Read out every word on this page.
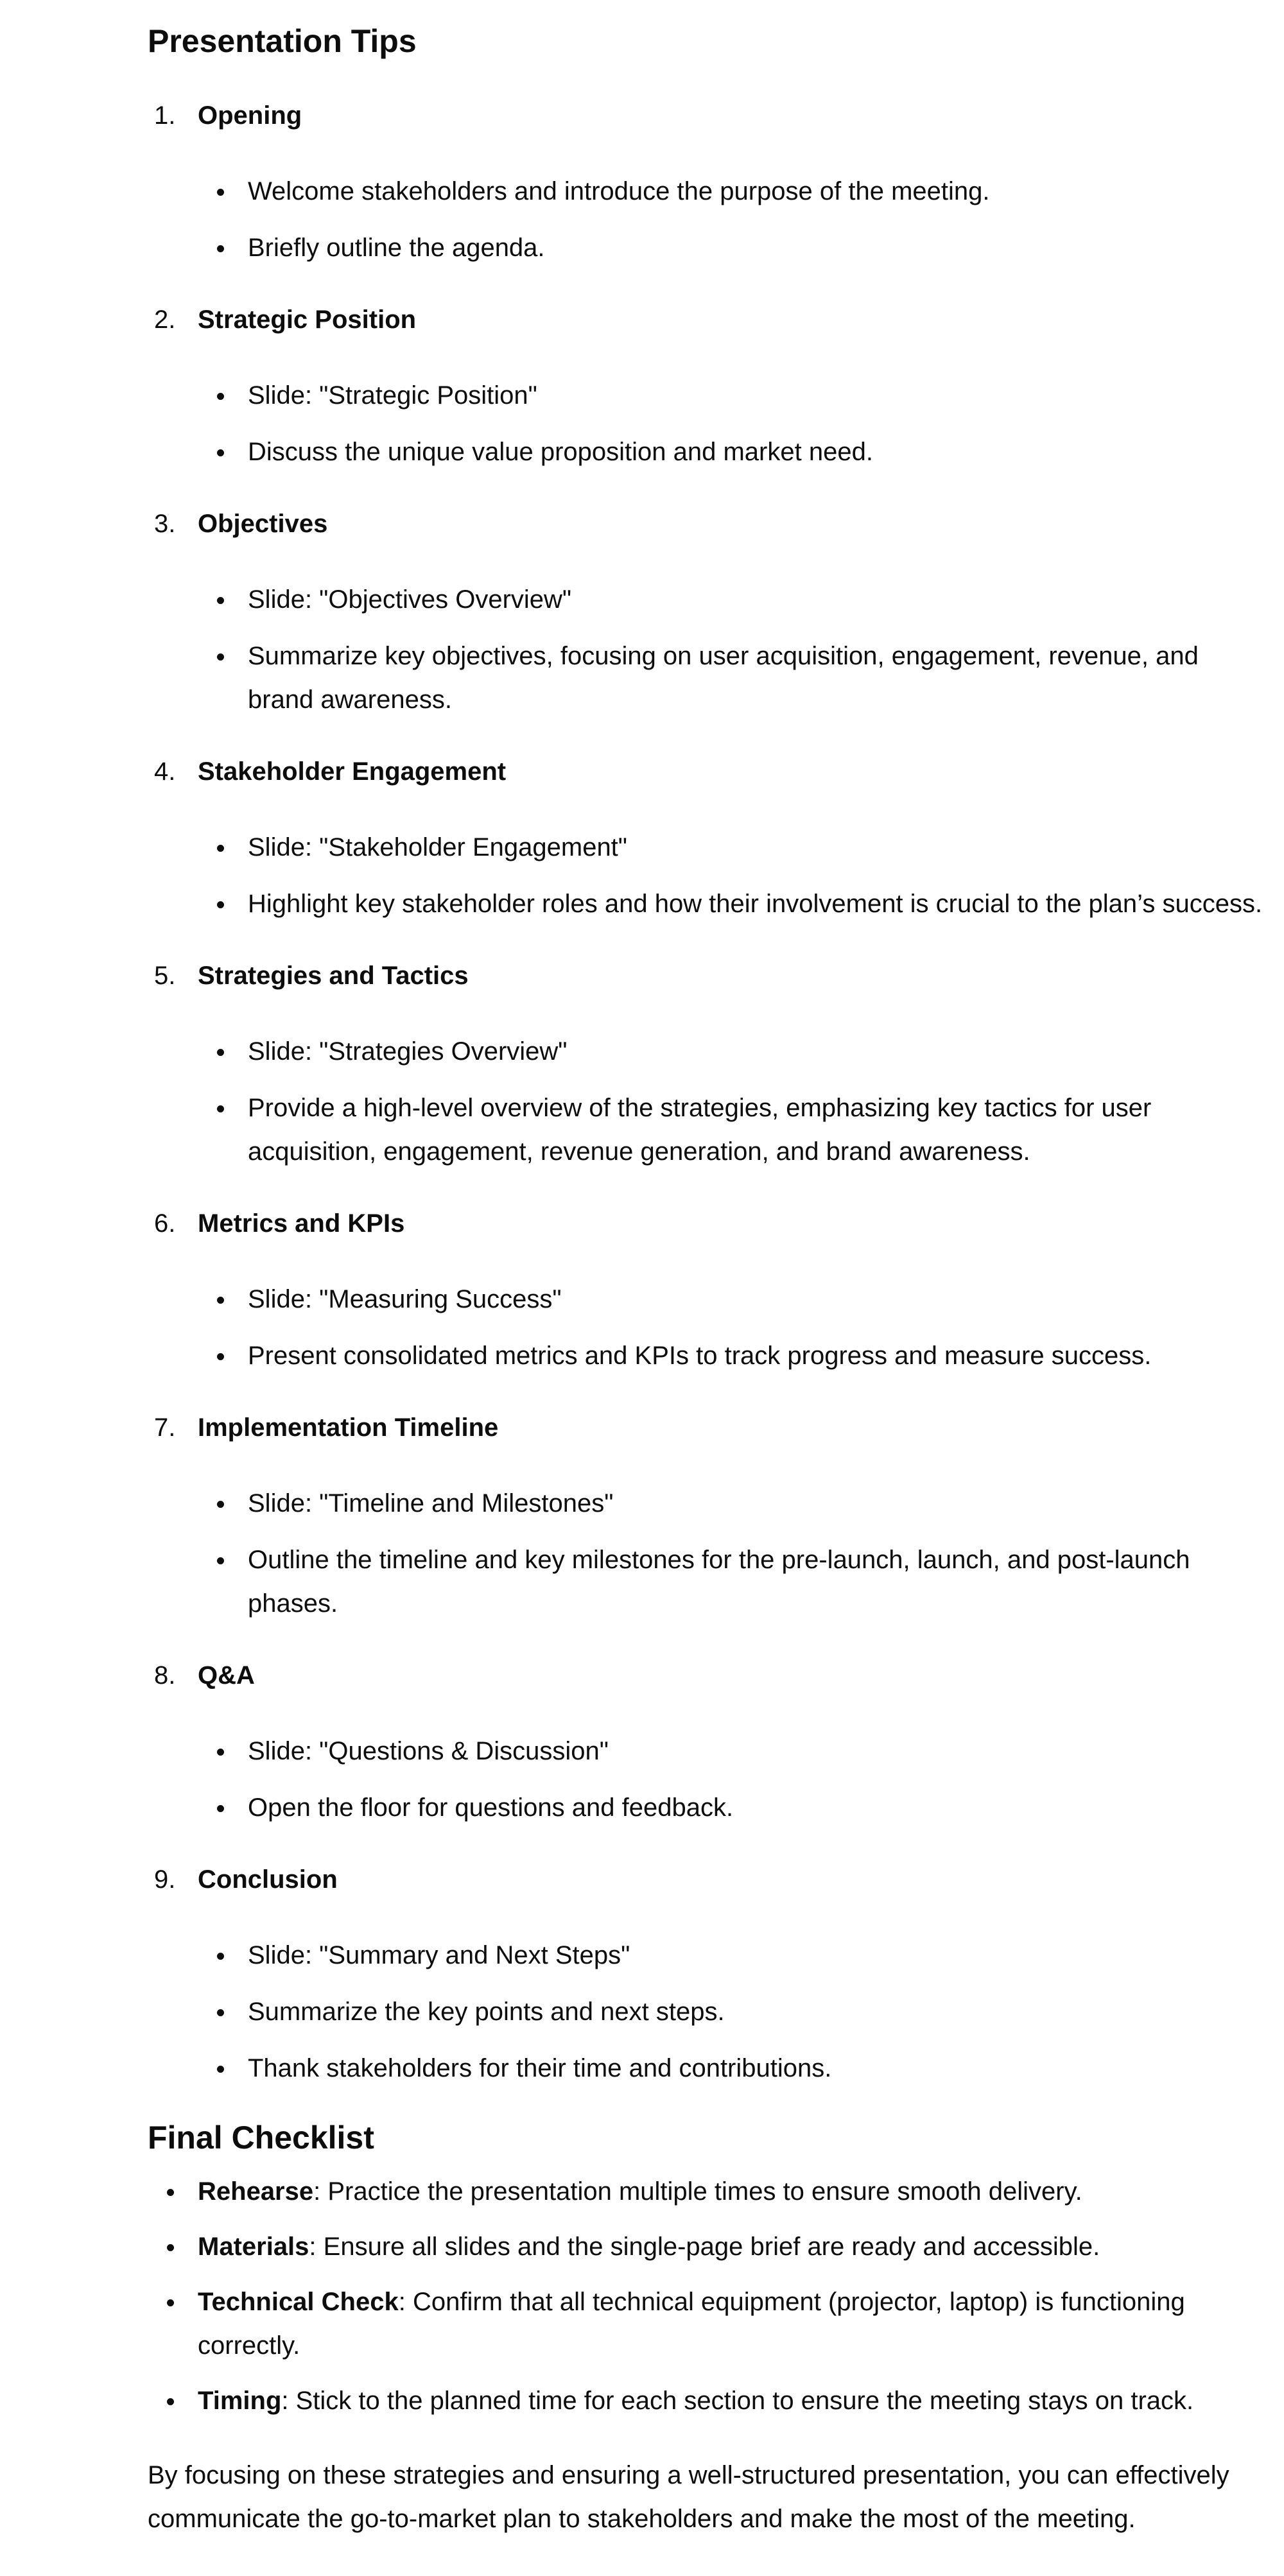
Presentation Tips
1. Opening
Welcome stakeholders and introduce the purpose of the meeting.
Briefly outline the agenda.
2. Strategic Position
Slide: "Strategic Position"
Discuss the unique value proposition and market need.
3. Objectives
Slide: "Objectives Overview"
Summarize key objectives, focusing on user acquisition, engagement, revenue, and brand awareness.
4. Stakeholder Engagement
Slide: "Stakeholder Engagement"
Highlight key stakeholder roles and how their involvement is crucial to the plan’s success.
5. Strategies and Tactics
Slide: "Strategies Overview"
Provide a high-level overview of the strategies, emphasizing key tactics for user acquisition, engagement, revenue generation, and brand awareness.
6. Metrics and KPIs
Slide: "Measuring Success"
Present consolidated metrics and KPIs to track progress and measure success.
7. Implementation Timeline
Slide: "Timeline and Milestones"
Outline the timeline and key milestones for the pre-launch, launch, and post-launch phases.
8. Q&A
Slide: "Questions & Discussion"
Open the floor for questions and feedback.
9. Conclusion
Slide: "Summary and Next Steps"
Summarize the key points and next steps.
Thank stakeholders for their time and contributions.
Final Checklist
Rehearse: Practice the presentation multiple times to ensure smooth delivery.
Materials: Ensure all slides and the single-page brief are ready and accessible.
Technical Check: Confirm that all technical equipment (projector, laptop) is functioning correctly.
Timing: Stick to the planned time for each section to ensure the meeting stays on track.

By focusing on these strategies and ensuring a well-structured presentation, you can effectively communicate the go-to-market plan to stakeholders and make the most of the meeting.
